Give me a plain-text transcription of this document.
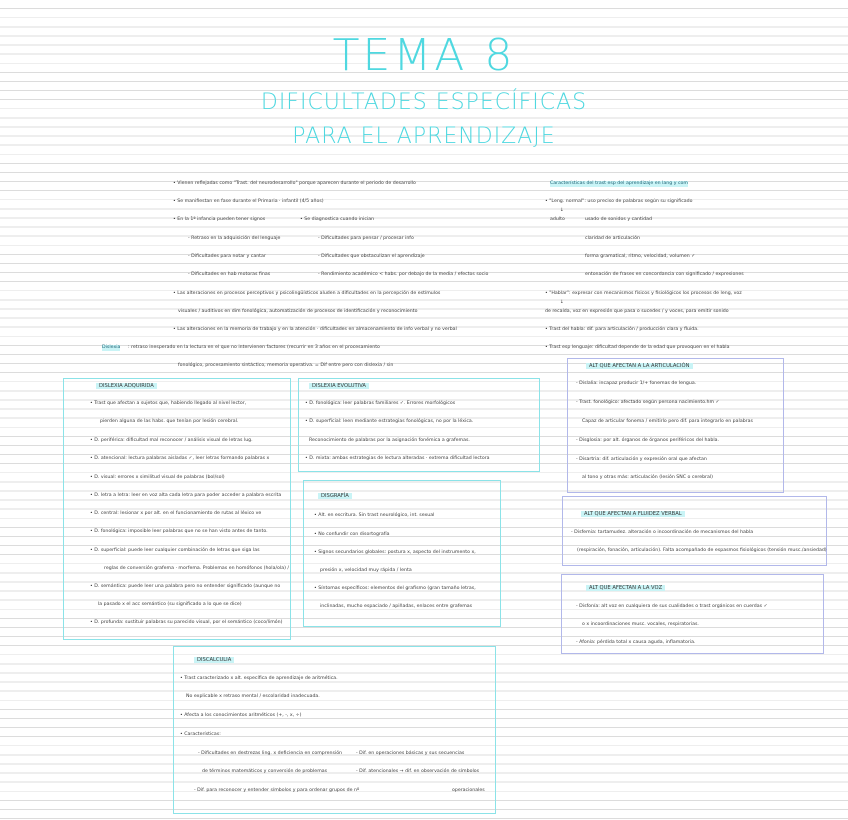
TEMA 8
DIFICULTADES ESPECÍFICAS
PARA EL APRENDIZAJE
• Vienen reflejadas como "Trast. del neurodesarrollo" porque aparecen durante el periodo de desarrollo
• Se manifiestan en fase durante el Primaria · infantil (4/5 años)
• En la 1ª infancia pueden tener signos	• Se diagnostica cuando inician
- Retraso en la adquisición del lenguaje	- Dificultades para pensar / procesar info
- Dificultades para notar y cantar	- Dificultades que obstaculizan el aprendizaje
- Dificultades en hab motoras finas	- Rendimiento académico < habs. por debajo de la media / efectos socio
• Las alteraciones en procesos perceptivos y psicolingüísticos aluden a dificultades en la percepción de estímulos
visuales / auditivos en dim fonológica, automatización de procesos de identificación y reconocimiento
• Las alteraciones en la memoria de trabajo y en la atención · dificultades en almacenamiento de info verbal y no verbal
Dislexia : retraso inesperado en la lectura en el que no intervienen factores (recurrir en 3 años en el procesamiento
fonológico, procesamiento sintáctico, memoria operativa. = Dif entre pero con dislexia / sin
Características del trast esp del aprendizaje en lang y com
• "Leng. normal": uso preciso de palabras según su significado
↓
adulto	usado de sonidos y cantidad
claridad de articulación
forma gramatical, ritmo, velocidad, volumen ✓
entonación de frases en concordancia con significado / expresiones
• "Hablar": expresar con mecanismos físicos y fisiológicos los procesos de leng, voz
↓
de recaída, voz en expresión que pasa o sucedes / y voces, para emitir sonido
• Trast del habla: dif. para articulación / producción clara y fluida.
• Trast esp lenguaje: dificultad depende de la edad que provoquen en el habla
ALT QUE AFECTAN A LA ARTICULACIÓN
- Dislalia: incapaz producir 1/+ fonemas de lengua.
- Trast. fonológico: afectado según persona nacimiento.hm ✓
Capaz de articular fonema / emitirlo pero dif. para integrarlo en palabras
- Disglosia: por alt. órganos de órganos periféricos del habla.
- Disartria: dif. articulación y expresión oral que afectan
al tono y otras más: articulación (lesión SNC o cerebral)
ALT QUE AFECTAN A FLUIDEZ VERBAL
- Disfemia: tartamudez. alteración o incoordinación de mecanismos del habla
(respiración, fonación, articulación). Falta acompañado de espasmos fisiológicos (tensión musc./ansiedad)
ALT QUE AFECTAN A LA VOZ
- Disfonía: alt voz en cualquiera de sus cualidades o trast orgánicos en cuerdas ✓
o x incoordinaciones musc. vocales, respiratorias.
- Afonía: pérdida total x causa aguda, inflamatoria.
DISLEXIA ADQUIRIDA
• Trast que afectan a sujetos que, habiendo llegado al nivel lector,
pierden alguna de las habs. que tenían por lesión cerebral.
• D. periférica: dificultad mal reconocer / análisis visual de letras lug.
• D. atencional: lectura palabras aisladas ✓, leer letras formando palabras x
• D. visual: errores x similitud visual de palabras (bol/sol)
• D. letra a letra: leer en voz alta cada letra para poder acceder a palabra escrita
• D. central: lesionar x por alt. en el funcionamiento de rutas al léxico ve
• D. fonológica: imposible leer palabras que no se han visto antes de tanto.
• D. superficial: puede leer cualquier combinación de letras que siga las
reglas de conversión grafema · morfema. Problemas en homófonos (hola/ola) /
• D. semántica: puede leer una palabra pero no entender significado (aunque no
la pasado x el acc semántico (su significado a lo que se dice)
• D. profunda: sustituir palabras su parecido visual, por el semántico (coco/limón)
DISLEXIA EVOLUTIVA
• D. fonológica: leer palabras familiares ✓. Errores morfológicos
• D. superficial: leen mediante estrategias fonológicas, no por la léxica.
Reconocimiento de palabras por la asignación fonémica a grafemas.
• D. mixta: ambas estrategias de lectura alteradas · extrema dificultad lectora
DISGRAFÍA
• Alt. en escritura. Sin trast neurológico, int. sexual
• No confundir con disortografía
• Signos secundarios globales: postura x, aspecto del instrumento x,
presión x, velocidad muy rápida / lenta
• Síntomas específicos: elementos del grafismo (gran tamaño letras,
inclinadas, mucho espaciado / apiñadas, enlaces entre grafemas
DISCALCULIA
• Trast caracterizado x alt. específica de aprendizaje de aritmética.
No explicable x retraso mental / escolaridad inadecuada.
• Afecta a los conocimientos aritméticos (+, -, x, ÷)
• Características:
- Dificultades en destrezas ling. x deficiencia en comprensión	- Dif. en operaciones básicas y sus secuencias
de términos matemáticos y conversión de problemas	- Dif. atencionales → dif. en observación de símbolos
- Dif. para reconocer y entender símbolos y para ordenar grupos de nº	operacionales
